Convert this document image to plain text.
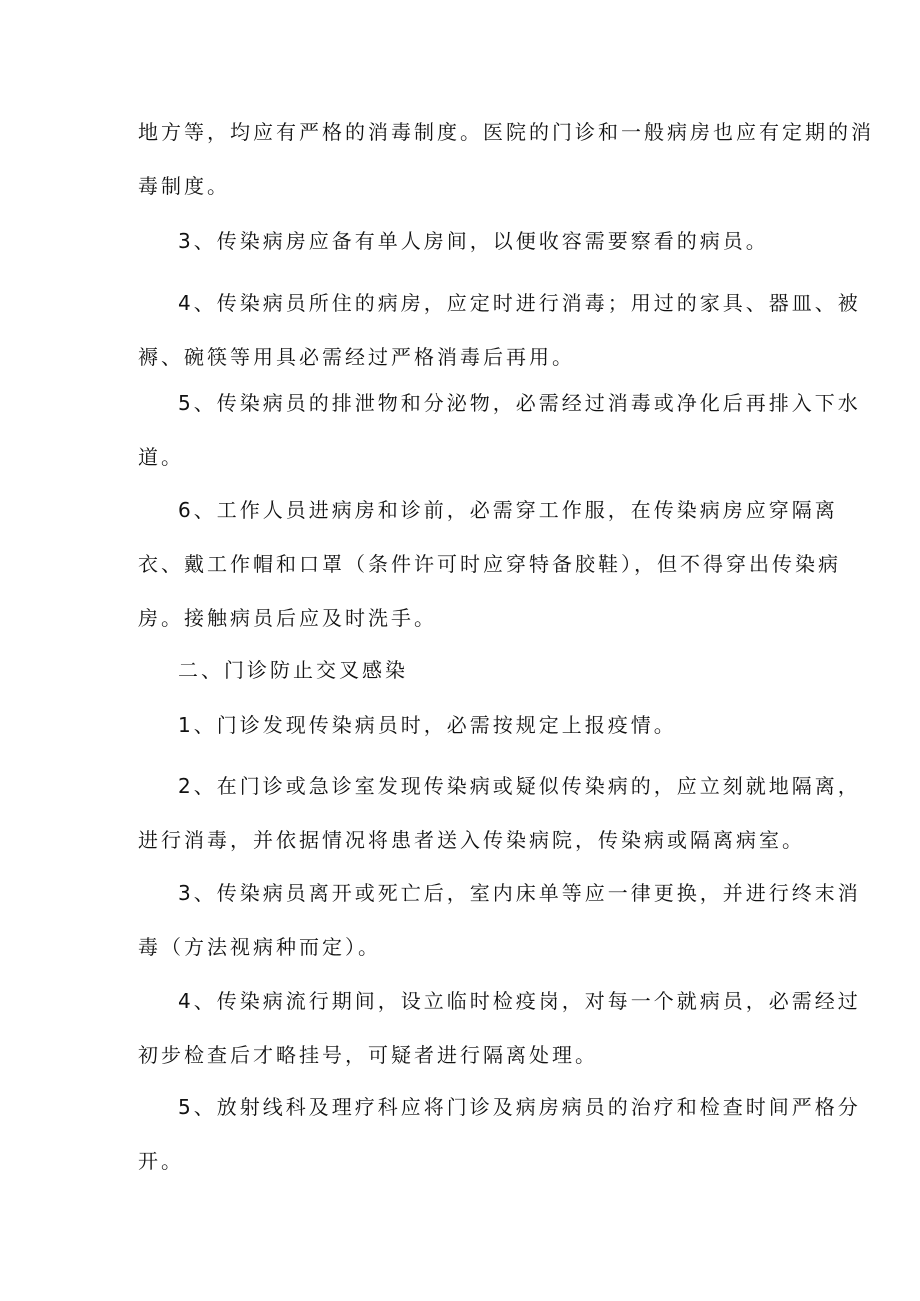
地方等，均应有严格的消毒制度。医院的门诊和一般病房也应有定期的消
毒制度。
3、传染病房应备有单人房间，以便收容需要察看的病员。
4、传染病员所住的病房，应定时进行消毒；用过的家具、器皿、被
褥、碗筷等用具必需经过严格消毒后再用。
5、传染病员的排泄物和分泌物，必需经过消毒或净化后再排入下水
道。
6、工作人员进病房和诊前，必需穿工作服，在传染病房应穿隔离
衣、戴工作帽和口罩（条件许可时应穿特备胶鞋），但不得穿出传染病
房。接触病员后应及时洗手。
二、门诊防止交叉感染
1、门诊发现传染病员时，必需按规定上报疫情。
2、在门诊或急诊室发现传染病或疑似传染病的，应立刻就地隔离，
进行消毒，并依据情况将患者送入传染病院，传染病或隔离病室。
3、传染病员离开或死亡后，室内床单等应一律更换，并进行终末消
毒（方法视病种而定）。
4、传染病流行期间，设立临时检疫岗，对每一个就病员，必需经过
初步检查后才略挂号，可疑者进行隔离处理。
5、放射线科及理疗科应将门诊及病房病员的治疗和检查时间严格分
开。
